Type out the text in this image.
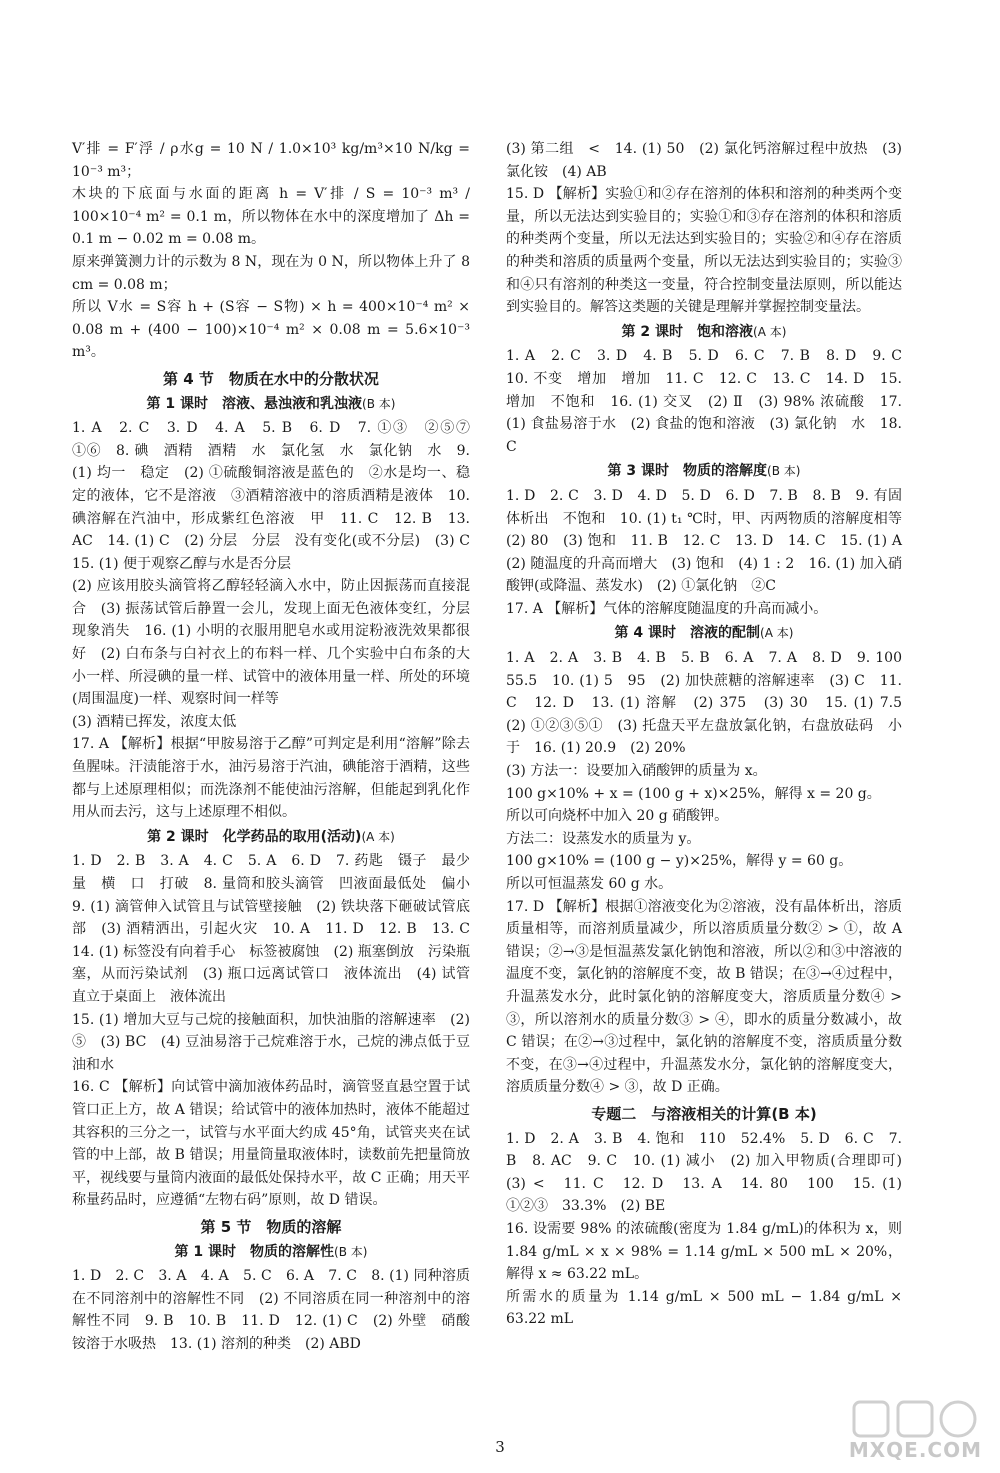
V′排 = F′浮 / ρ水g = 10 N / 1.0×10³ kg/m³×10 N/kg = 10⁻³ m³；

木块的下底面与水面的距离 h = V′排 / S = 10⁻³ m³ / 100×10⁻⁴ m² = 0.1 m，所以物体在水中的深度增加了 Δh = 0.1 m − 0.02 m = 0.08 m。

原来弹簧测力计的示数为 8 N，现在为 0 N，所以物体上升了 8 cm = 0.08 m；

所以 V水 = S容 h + (S容 − S物) × h = 400×10⁻⁴ m² × 0.08 m + (400 − 100)×10⁻⁴ m² × 0.08 m = 5.6×10⁻³ m³。

第 4 节　物质在水中的分散状况
第 1 课时　溶液、悬浊液和乳浊液(B 本)

1. A　2. C　3. D　4. A　5. B　6. D　7. ①③　②⑤⑦　①⑥　8. 碘　酒精　酒精　水　氯化氢　水　氯化钠　水　9. (1) 均一　稳定　(2) ①硫酸铜溶液是蓝色的　②水是均一、稳定的液体，它不是溶液　③酒精溶液中的溶质酒精是液体　10. 碘溶解在汽油中，形成紫红色溶液　甲　11. C　12. B　13. AC　14. (1) C　(2) 分层　分层　没有变化(或不分层)　(3) C　15. (1) 便于观察乙醇与水是否分层

(2) 应该用胶头滴管将乙醇轻轻滴入水中，防止因振荡而直接混合　(3) 振荡试管后静置一会儿，发现上面无色液体变红，分层现象消失　16. (1) 小明的衣服用肥皂水或用淀粉液洗效果都很好　(2) 白布条与白衬衣上的布料一样、几个实验中白布条的大小一样、所浸碘的量一样、试管中的液体用量一样、所处的环境(周围温度)一样、观察时间一样等

(3) 酒精已挥发，浓度太低

17. A 【解析】根据“甲胺易溶于乙醇”可判定是利用“溶解”除去鱼腥味。汗渍能溶于水，油污易溶于汽油，碘能溶于酒精，这些都与上述原理相似；而洗涤剂不能使油污溶解，但能起到乳化作用从而去污，这与上述原理不相似。

第 2 课时　化学药品的取用(活动)(A 本)

1. D　2. B　3. A　4. C　5. A　6. D　7. 药匙　镊子　最少量　横　口　打破　8. 量筒和胶头滴管　凹液面最低处　偏小　9. (1) 滴管伸入试管且与试管壁接触　(2) 铁块落下砸破试管底部　(3) 酒精洒出，引起火灾　10. A　11. D　12. B　13. C　14. (1) 标签没有向着手心　标签被腐蚀　(2) 瓶塞倒放　污染瓶塞，从而污染试剂　(3) 瓶口远离试管口　液体流出　(4) 试管直立于桌面上　液体流出

15. (1) 增加大豆与己烷的接触面积，加快油脂的溶解速率　(2) ⑤　(3) BC　(4) 豆油易溶于己烷难溶于水，己烷的沸点低于豆油和水

16. C 【解析】向试管中滴加液体药品时，滴管竖直悬空置于试管口正上方，故 A 错误；给试管中的液体加热时，液体不能超过其容积的三分之一，试管与水平面大约成 45°角，试管夹夹在试管的中上部，故 B 错误；用量筒量取液体时，读数前先把量筒放平，视线要与量筒内液面的最低处保持水平，故 C 正确；用天平称量药品时，应遵循“左物右码”原则，故 D 错误。

第 5 节　物质的溶解
第 1 课时　物质的溶解性(B 本)

1. D　2. C　3. A　4. A　5. C　6. A　7. C　8. (1) 同种溶质在不同溶剂中的溶解性不同　(2) 不同溶质在同一种溶剂中的溶解性不同　9. B　10. B　11. D　12. (1) C　(2) 外壁　硝酸铵溶于水吸热　13. (1) 溶剂的种类　(2) ABD

(3) 第二组　<　14. (1) 50　(2) 氯化钙溶解过程中放热　(3) 氯化铵　(4) AB

15. D 【解析】实验①和②存在溶剂的体积和溶剂的种类两个变量，所以无法达到实验目的；实验①和③存在溶剂的体积和溶质的种类两个变量，所以无法达到实验目的；实验②和④存在溶质的种类和溶质的质量两个变量，所以无法达到实验目的；实验③和④只有溶剂的种类这一变量，符合控制变量法原则，所以能达到实验目的。解答这类题的关键是理解并掌握控制变量法。

第 2 课时　饱和溶液(A 本)

1. A　2. C　3. D　4. B　5. D　6. C　7. B　8. D　9. C　10. 不变　增加　增加　11. C　12. C　13. C　14. D　15. 增加　不饱和　16. (1) 交叉　(2) Ⅱ　(3) 98% 浓硫酸　17. (1) 食盐易溶于水　(2) 食盐的饱和溶液　(3) 氯化钠　水　18. C

第 3 课时　物质的溶解度(B 本)

1. D　2. C　3. D　4. D　5. D　6. D　7. B　8. B　9. 有固体析出　不饱和　10. (1) t₁ ℃时，甲、丙两物质的溶解度相等　(2) 80　(3) 饱和　11. B　12. C　13. D　14. C　15. (1) A　(2) 随温度的升高而增大　(3) 饱和　(4) 1 : 2　16. (1) 加入硝酸钾(或降温、蒸发水)　(2) ①氯化钠　②C

17. A 【解析】气体的溶解度随温度的升高而减小。

第 4 课时　溶液的配制(A 本)

1. A　2. A　3. B　4. B　5. B　6. A　7. A　8. D　9. 100　55.5　10. (1) 5　95　(2) 加快蔗糖的溶解速率　(3) C　11. C　12. D　13. (1) 溶解　(2) 375　(3) 30　15. (1) 7.5　(2) ①②③⑤①　(3) 托盘天平左盘放氯化钠，右盘放砝码　小于　16. (1) 20.9　(2) 20%

(3) 方法一：设要加入硝酸钾的质量为 x。

100 g×10% + x = (100 g + x)×25%，解得 x = 20 g。

所以可向烧杯中加入 20 g 硝酸钾。

方法二：设蒸发水的质量为 y。

100 g×10% = (100 g − y)×25%，解得 y = 60 g。

所以可恒温蒸发 60 g 水。

17. D 【解析】根据①溶液变化为②溶液，没有晶体析出，溶质质量相等，而溶剂质量减少，所以溶质质量分数② > ①，故 A 错误；②→③是恒温蒸发氯化钠饱和溶液，所以②和③中溶液的温度不变，氯化钠的溶解度不变，故 B 错误；在③→④过程中，升温蒸发水分，此时氯化钠的溶解度变大，溶质质量分数④ > ③，所以溶剂水的质量分数③ > ④，即水的质量分数减小，故 C 错误；在②→③过程中，氯化钠的溶解度不变，溶质质量分数不变，在③→④过程中，升温蒸发水分，氯化钠的溶解度变大，溶质质量分数④ > ③，故 D 正确。

专题二　与溶液相关的计算(B 本)

1. D　2. A　3. B　4. 饱和　110　52.4%　5. D　6. C　7. B　8. AC　9. C　10. (1) 减小　(2) 加入甲物质(合理即可)　(3) <　11. C　12. D　13. A　14. 80　100　15. (1) ①②③　33.3%　(2) BE

16. 设需要 98% 的浓硫酸(密度为 1.84 g/mL)的体积为 x，则 1.84 g/mL × x × 98% = 1.14 g/mL × 500 mL × 20%，解得 x ≈ 63.22 mL。

所需水的质量为 1.14 g/mL × 500 mL − 1.84 g/mL × 63.22 mL

3	MXQE.COM
